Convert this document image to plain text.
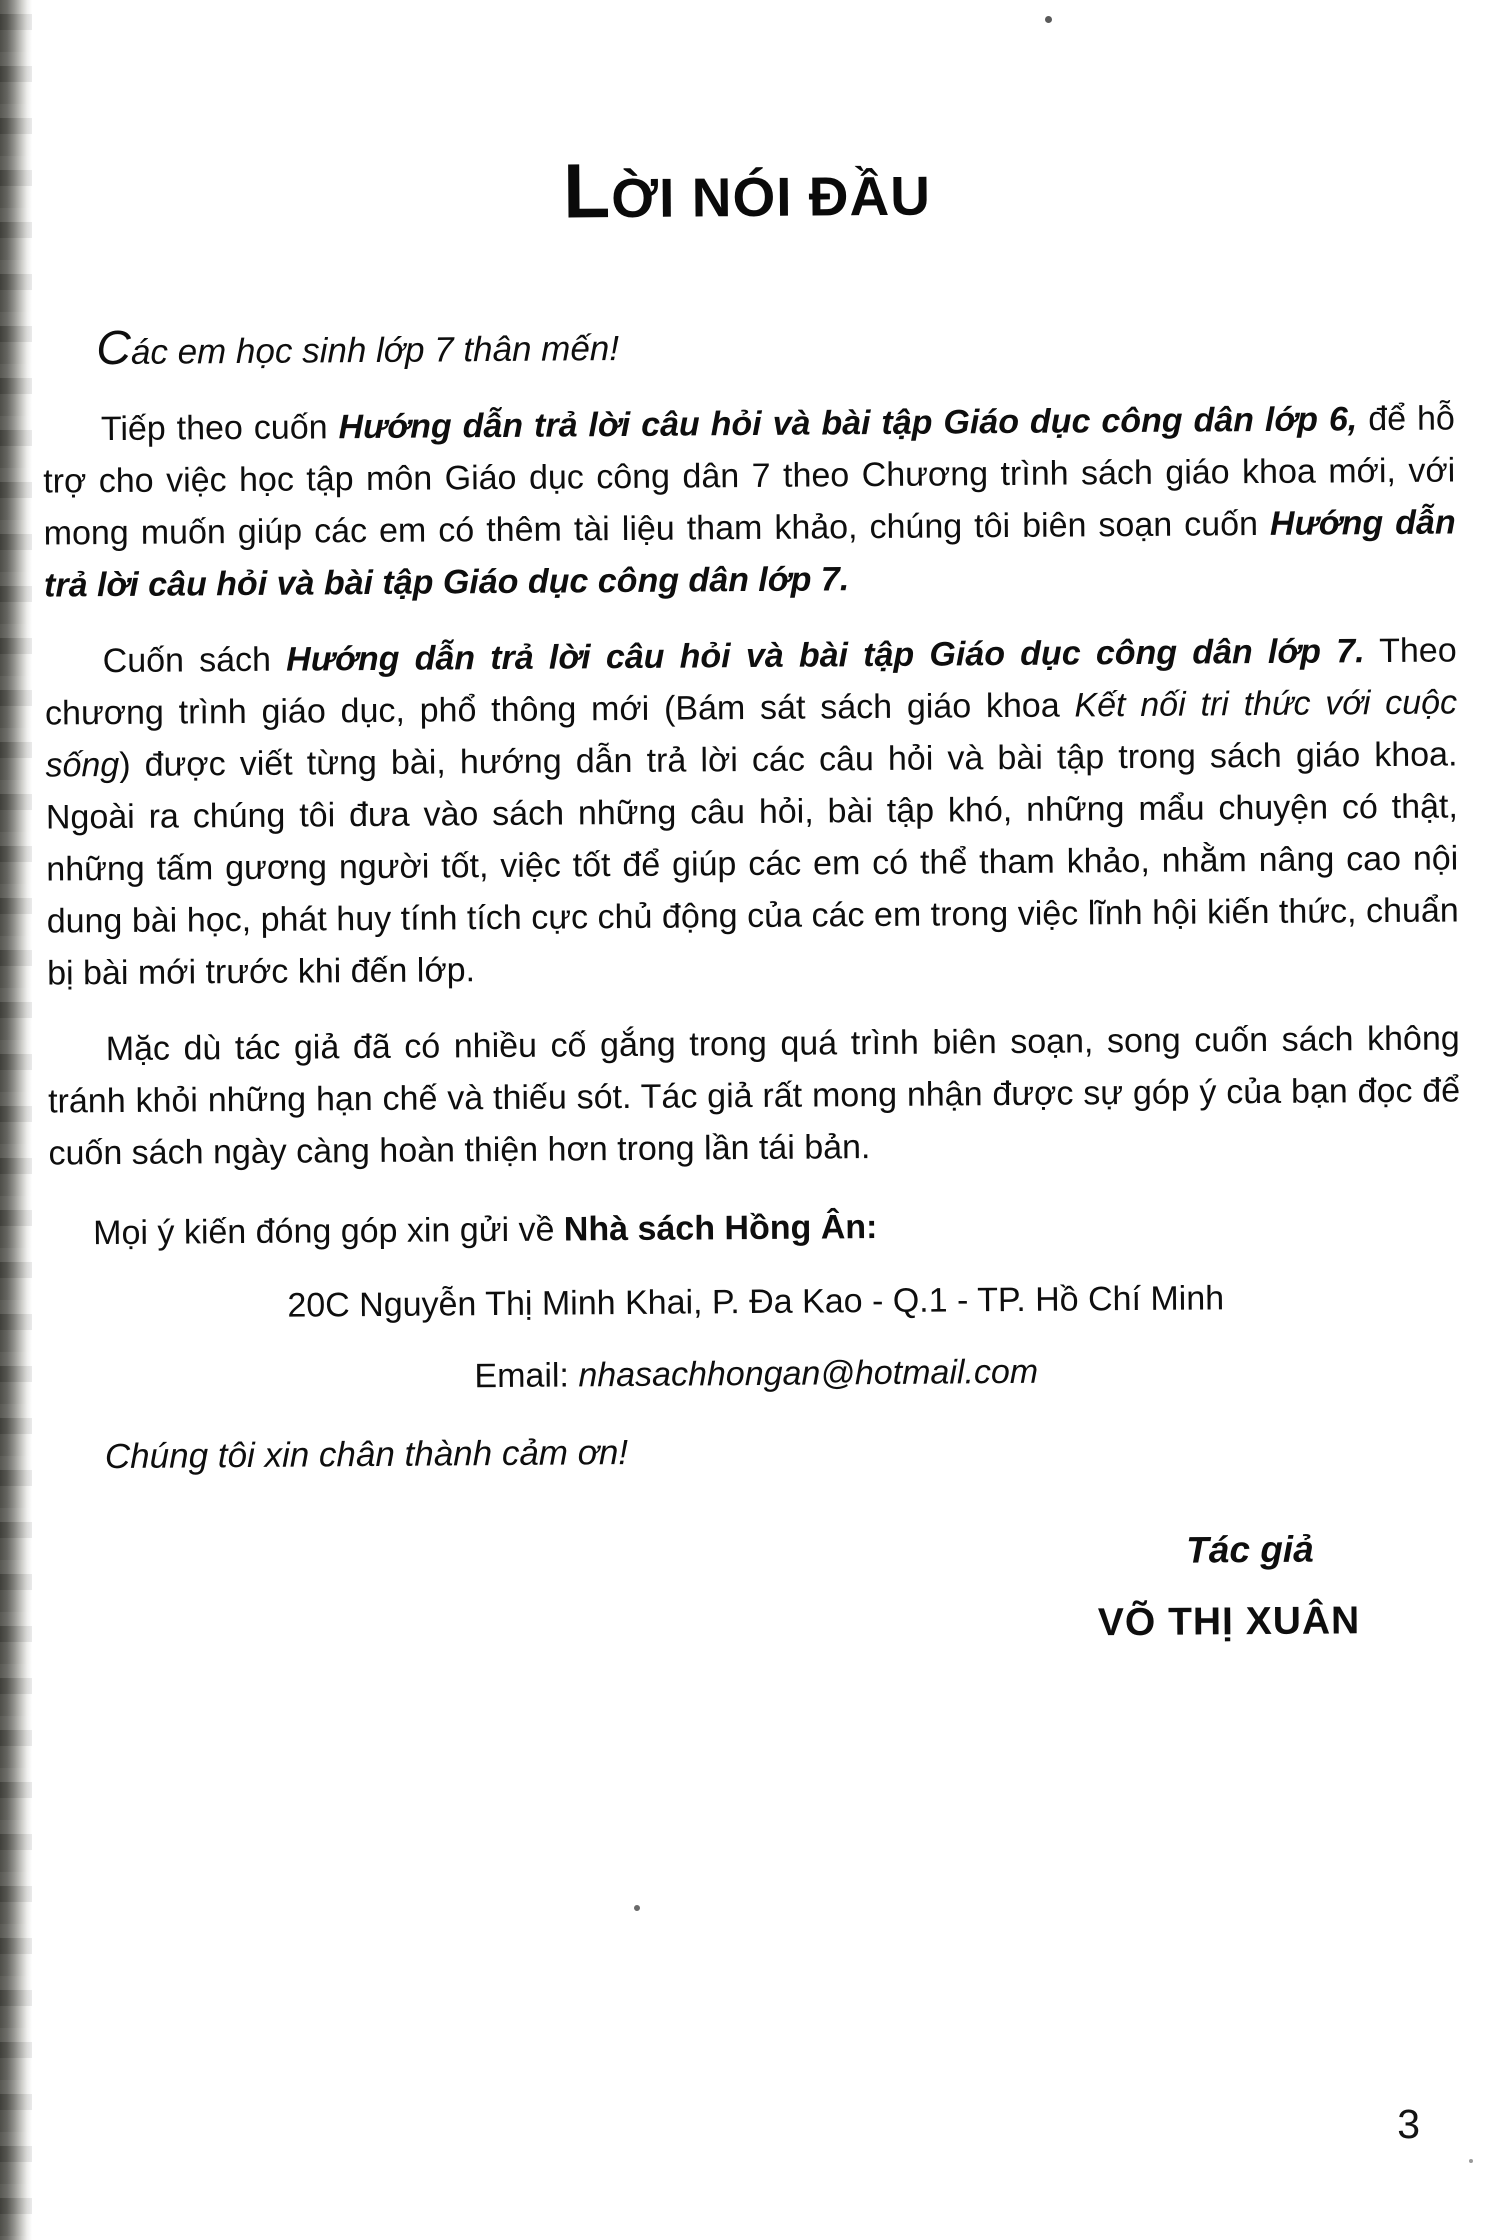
LỜI NÓI ĐẦU

Các em học sinh lớp 7 thân mến!

Tiếp theo cuốn Hướng dẫn trả lời câu hỏi và bài tập Giáo dục công dân lớp 6, để hỗ trợ cho việc học tập môn Giáo dục công dân 7 theo Chương trình sách giáo khoa mới, với mong muốn giúp các em có thêm tài liệu tham khảo, chúng tôi biên soạn cuốn Hướng dẫn trả lời câu hỏi và bài tập Giáo dục công dân lớp 7.

Cuốn sách Hướng dẫn trả lời câu hỏi và bài tập Giáo dục công dân lớp 7. Theo chương trình giáo dục, phổ thông mới (Bám sát sách giáo khoa Kết nối tri thức với cuộc sống) được viết từng bài, hướng dẫn trả lời các câu hỏi và bài tập trong sách giáo khoa. Ngoài ra chúng tôi đưa vào sách những câu hỏi, bài tập khó, những mẩu chuyện có thật, những tấm gương người tốt, việc tốt để giúp các em có thể tham khảo, nhằm nâng cao nội dung bài học, phát huy tính tích cực chủ động của các em trong việc lĩnh hội kiến thức, chuẩn bị bài mới trước khi đến lớp.

Mặc dù tác giả đã có nhiều cố gắng trong quá trình biên soạn, song cuốn sách không tránh khỏi những hạn chế và thiếu sót. Tác giả rất mong nhận được sự góp ý của bạn đọc để cuốn sách ngày càng hoàn thiện hơn trong lần tái bản.

Mọi ý kiến đóng góp xin gửi về Nhà sách Hồng Ân:

20C Nguyễn Thị Minh Khai, P. Đa Kao - Q.1 - TP. Hồ Chí Minh

Email: nhasachhongan@hotmail.com

Chúng tôi xin chân thành cảm ơn!

Tác giả

VÕ THỊ XUÂN

3
